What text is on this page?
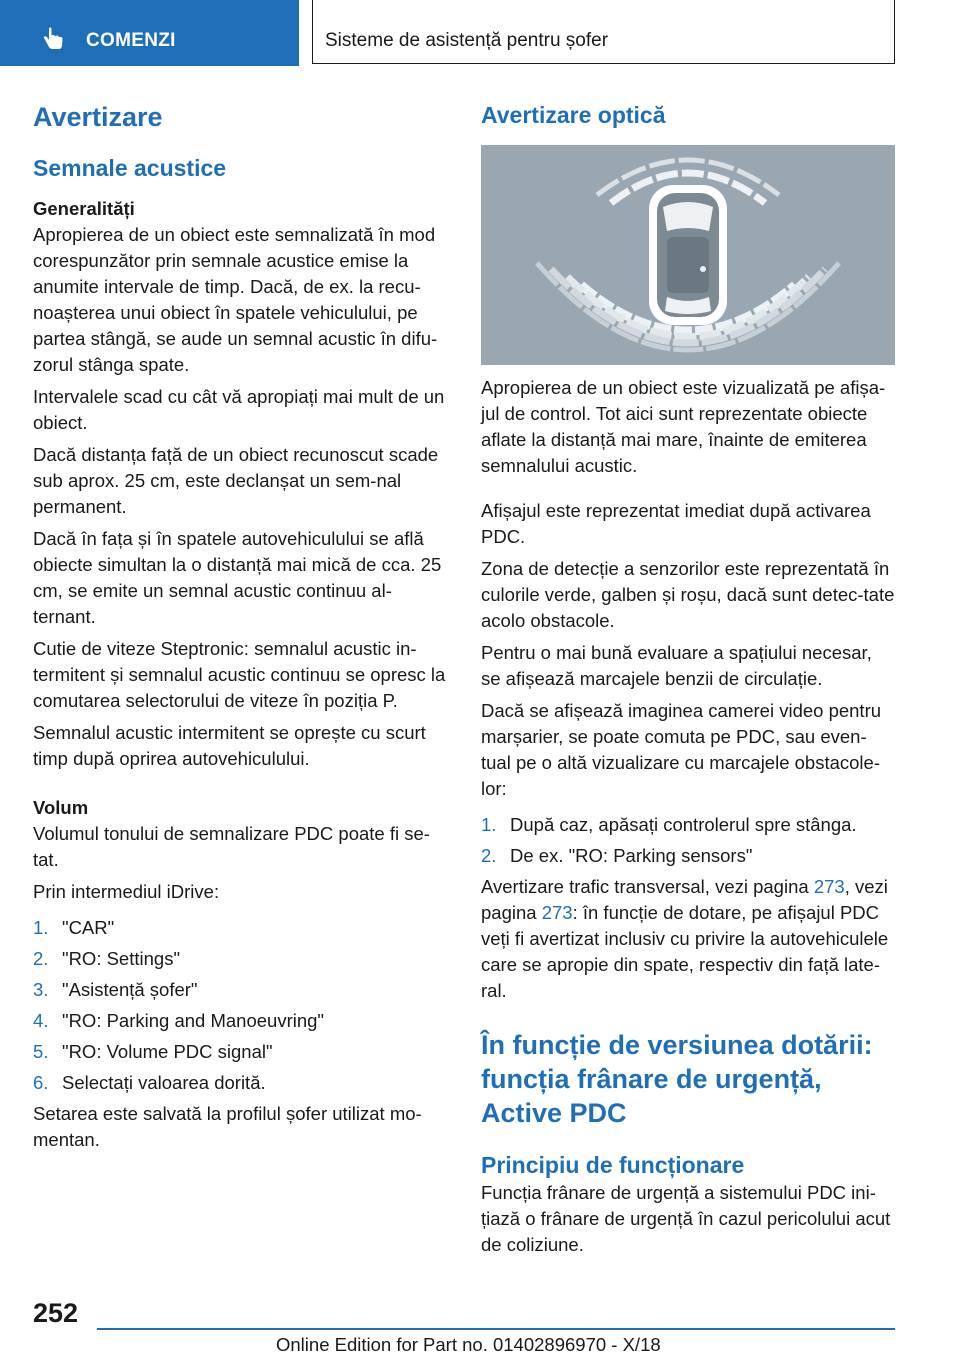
COMENZI	Sisteme de asistență pentru șofer
Avertizare
Semnale acustice
Generalități

Apropierea de un obiect este semnalizată în mod corespunzător prin semnale acustice emise la anumite intervale de timp. Dacă, de ex. la recu‐noașterea unui obiect în spatele vehiculului, pe partea stângă, se aude un semnal acustic în difu‐zorul stânga spate.

Intervalele scad cu cât vă apropiați mai mult de un obiect.

Dacă distanța față de un obiect recunoscut scade sub aprox. 25 cm, este declanșat un sem‐nal permanent.

Dacă în fața și în spatele autovehiculului se află obiecte simultan la o distanță mai mică de cca. 25 cm, se emite un semnal acustic continuu al‐ternant.

Cutie de viteze Steptronic: semnalul acustic in‐termitent și semnalul acustic continuu se opresc la comutarea selectorului de viteze în poziția P.

Semnalul acustic intermitent se oprește cu scurt timp după oprirea autovehiculului.

Volum

Volumul tonului de semnalizare PDC poate fi se‐tat.

Prin intermediul iDrive:

1. "CAR"
2. "RO: Settings"
3. "Asistență șofer"
4. "RO: Parking and Manoeuvring"
5. "RO: Volume PDC signal"
6. Selectați valoarea dorită.

Setarea este salvată la profilul șofer utilizat mo‐mentan.

Avertizare optică

Apropierea de un obiect este vizualizată pe afișa‐jul de control. Tot aici sunt reprezentate obiecte aflate la distanță mai mare, înainte de emiterea semnalului acustic.

Afișajul este reprezentat imediat după activarea PDC.

Zona de detecție a senzorilor este reprezentată în culorile verde, galben și roșu, dacă sunt detec‐tate acolo obstacole.

Pentru o mai bună evaluare a spațiului necesar, se afișează marcajele benzii de circulație.

Dacă se afișează imaginea camerei video pentru marșarier, se poate comuta pe PDC, sau even‐tual pe o altă vizualizare cu marcajele obstacole‐lor:

1. După caz, apăsați controlerul spre stânga.
2. De ex. "RO: Parking sensors"

Avertizare trafic transversal, vezi pagina 273, vezi pagina 273: în funcție de dotare, pe afișajul PDC veți fi avertizat inclusiv cu privire la autovehiculele care se apropie din spate, respectiv din față late‐ral.

În funcție de versiunea dotării: funcția frânare de urgență, Active PDC
Principiu de funcționare

Funcția frânare de urgență a sistemului PDC ini‐țiază o frânare de urgență în cazul pericolului acut de coliziune.

252
Online Edition for Part no. 01402896970 - X/18
